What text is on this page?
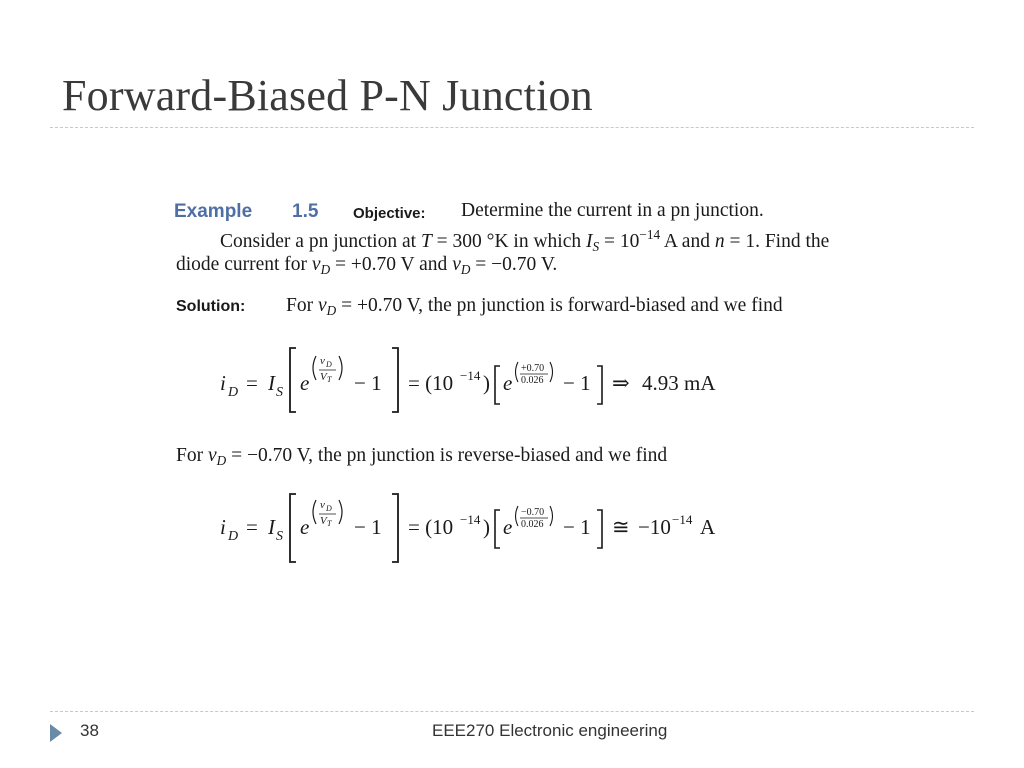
Forward-Biased P-N Junction
Example 1.5 Objective: Determine the current in a pn junction.
Consider a pn junction at T = 300 °K in which $I_S = 10^{-14}$ A and n = 1. Find the
diode current for $v_D = +0.70$ V and $v_D = -0.70$ V.
Solution: For $v_D = +0.70$ V, the pn junction is forward-biased and we find
i D = I S e
v D
V T − 1 = (10 −14 ) e
+0.70
0.026 − 1 ⇒ 4.93 mA
For $v_D = -0.70$ V, the pn junction is reverse-biased and we find
i D = I S e
v D
V T − 1 = (10 −14 ) e
−0.70
0.026 − 1 ≅ −10 −14 A
38	EEE270 Electronic engineering
